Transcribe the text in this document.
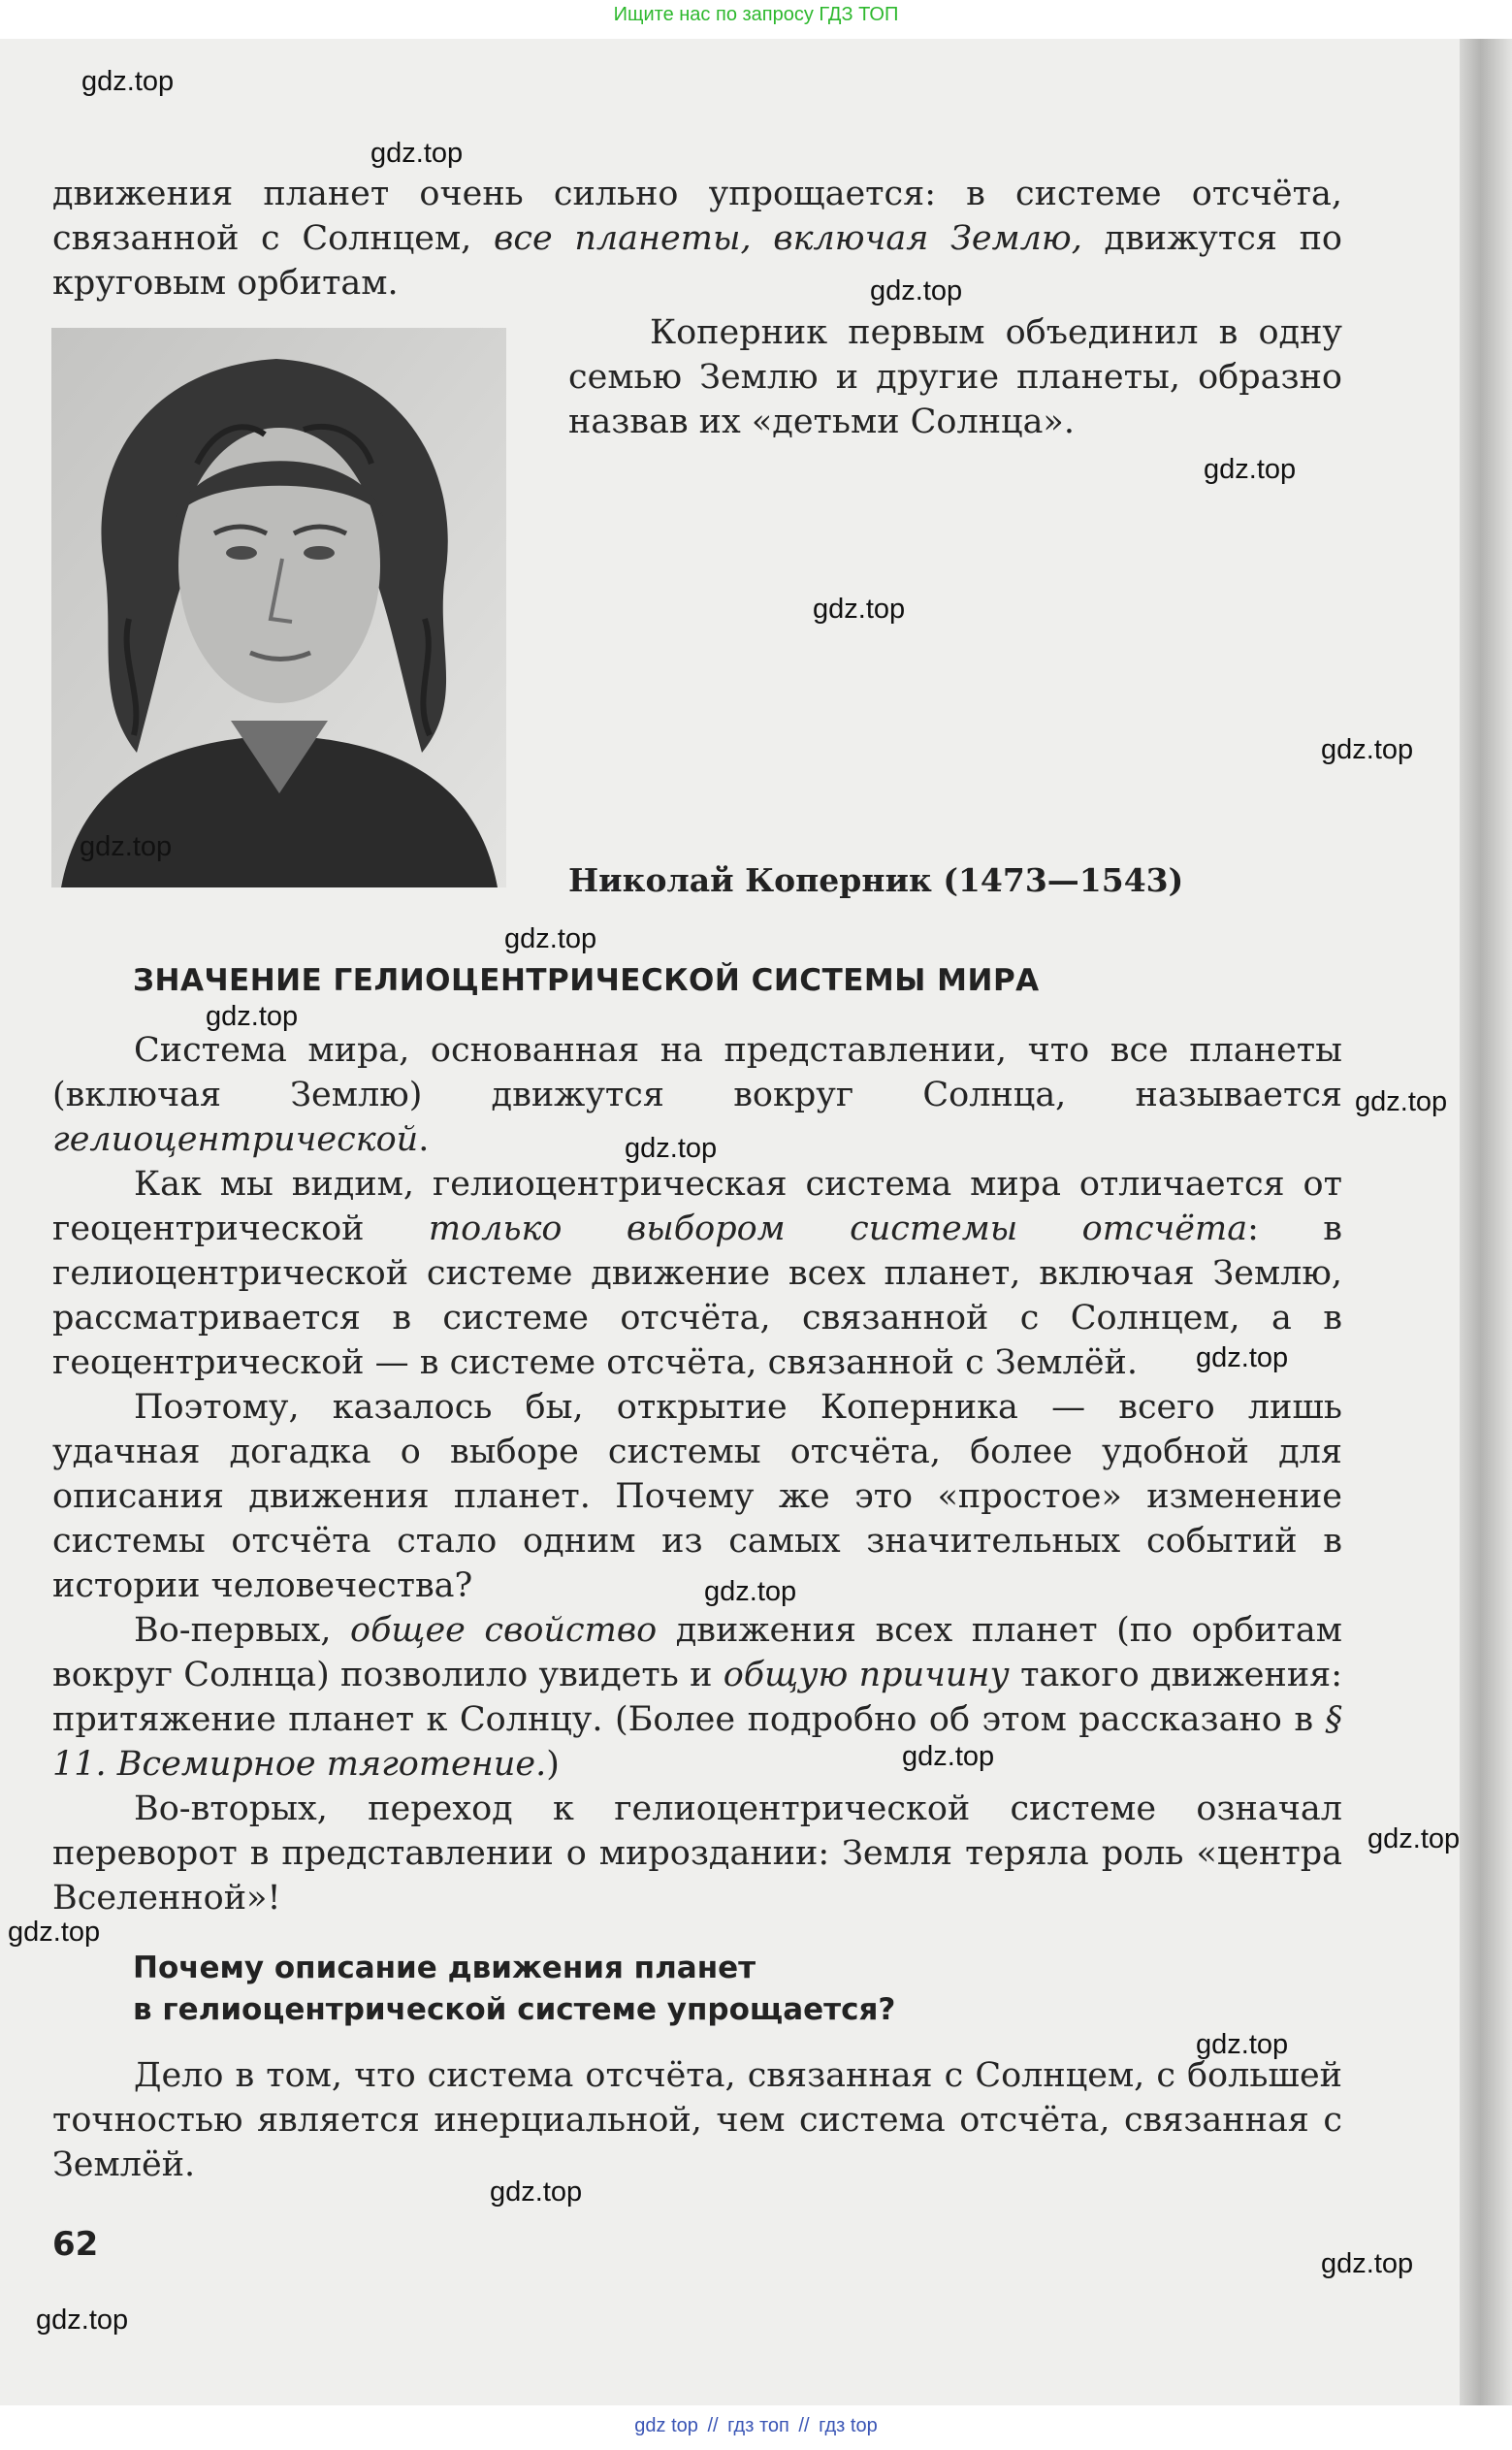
Ищите нас по запросу ГДЗ ТОП

движения планет очень сильно упрощается: в системе отсчёта, связанной с Солнцем, все планеты, включая Землю, движутся по круговым орбитам.

Коперник первым объединил в одну семью Землю и другие планеты, образно назвав их «детьми Солнца».

Николай Коперник (1473—1543)
ЗНАЧЕНИЕ ГЕЛИОЦЕНТРИЧЕСКОЙ СИСТЕМЫ МИРА

Система мира, основанная на представлении, что все планеты (включая Землю) движутся вокруг Солнца, называется гелиоцентрической.

Как мы видим, гелиоцентрическая система мира отличается от геоцентрической только выбором системы отсчёта: в гелиоцентрической системе движение всех планет, включая Землю, рассматривается в системе отсчёта, связанной с Солнцем, а в геоцентрической — в системе отсчёта, связанной с Землёй.

Поэтому, казалось бы, открытие Коперника — всего лишь удачная догадка о выборе системы отсчёта, более удобной для описания движения планет. Почему же это «простое» изменение системы отсчёта стало одним из самых значительных событий в истории человечества?

Во-первых, общее свойство движения всех планет (по орбитам вокруг Солнца) позволило увидеть и общую причину такого движения: притяжение планет к Солнцу. (Более подробно об этом рассказано в § 11. Всемирное тяготение.)

Во-вторых, переход к гелиоцентрической системе означал переворот в представлении о мироздании: Земля теряла роль «центра Вселенной»!

Почему описание движения планет
в гелиоцентрической системе упрощается?

Дело в том, что система отсчёта, связанная с Солнцем, с большей точностью является инерциальной, чем система отсчёта, связанная с Землёй.

62
gdz.top
gdz.top
gdz.top
gdz.top
gdz.top
gdz.top
gdz.top
gdz.top
gdz.top
gdz.top
gdz.top
gdz.top
gdz.top
gdz.top
gdz.top
gdz.top
gdz.top
gdz.top
gdz.top
gdz.top
gdz top // гдз топ // гдз top
